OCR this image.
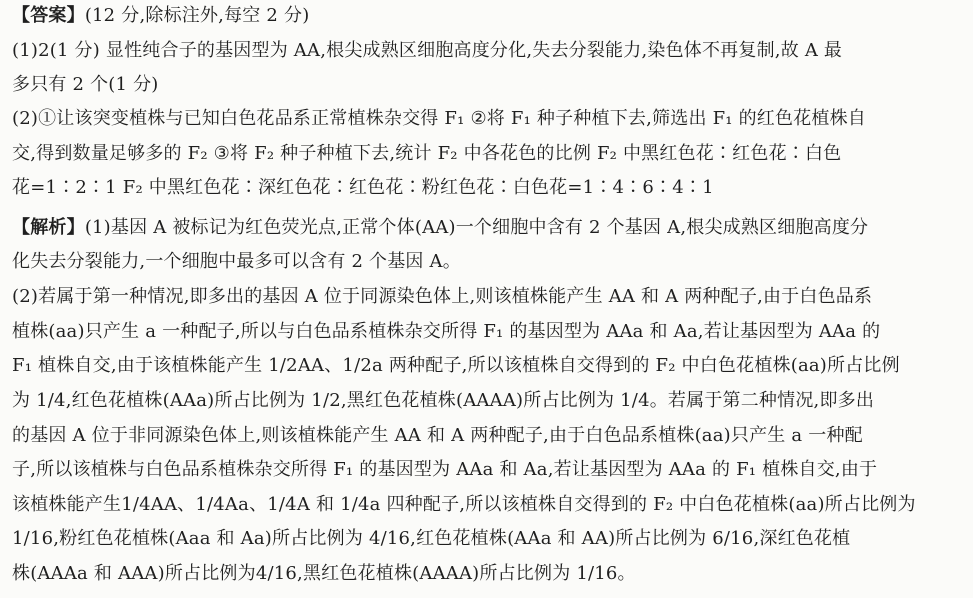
【答案】(12 分,除标注外,每空 2 分)
(1)2(1 分) 显性纯合子的基因型为 AA,根尖成熟区细胞高度分化,失去分裂能力,染色体不再复制,故 A 最
多只有 2 个(1 分)
(2)①让该突变植株与已知白色花品系正常植株杂交得 F₁ ②将 F₁ 种子种植下去,筛选出 F₁ 的红色花植株自
交,得到数量足够多的 F₂ ③将 F₂ 种子种植下去,统计 F₂ 中各花色的比例 F₂ 中黑红色花∶红色花∶白色
花=1∶2∶1 F₂ 中黑红色花∶深红色花∶红色花∶粉红色花∶白色花=1∶4∶6∶4∶1
【解析】(1)基因 A 被标记为红色荧光点,正常个体(AA)一个细胞中含有 2 个基因 A,根尖成熟区细胞高度分
化失去分裂能力,一个细胞中最多可以含有 2 个基因 A。
(2)若属于第一种情况,即多出的基因 A 位于同源染色体上,则该植株能产生 AA 和 A 两种配子,由于白色品系
植株(aa)只产生 a 一种配子,所以与白色品系植株杂交所得 F₁ 的基因型为 AAa 和 Aa,若让基因型为 AAa 的
F₁ 植株自交,由于该植株能产生 1/2AA、1/2a 两种配子,所以该植株自交得到的 F₂ 中白色花植株(aa)所占比例
为 1/4,红色花植株(AAa)所占比例为 1/2,黑红色花植株(AAAA)所占比例为 1/4。若属于第二种情况,即多出
的基因 A 位于非同源染色体上,则该植株能产生 AA 和 A 两种配子,由于白色品系植株(aa)只产生 a 一种配
子,所以该植株与白色品系植株杂交所得 F₁ 的基因型为 AAa 和 Aa,若让基因型为 AAa 的 F₁ 植株自交,由于
该植株能产生1/4AA、1/4Aa、1/4A 和 1/4a 四种配子,所以该植株自交得到的 F₂ 中白色花植株(aa)所占比例为
1/16,粉红色花植株(Aaa 和 Aa)所占比例为 4/16,红色花植株(AAa 和 AA)所占比例为 6/16,深红色花植
株(AAAa 和 AAA)所占比例为4/16,黑红色花植株(AAAA)所占比例为 1/16。
